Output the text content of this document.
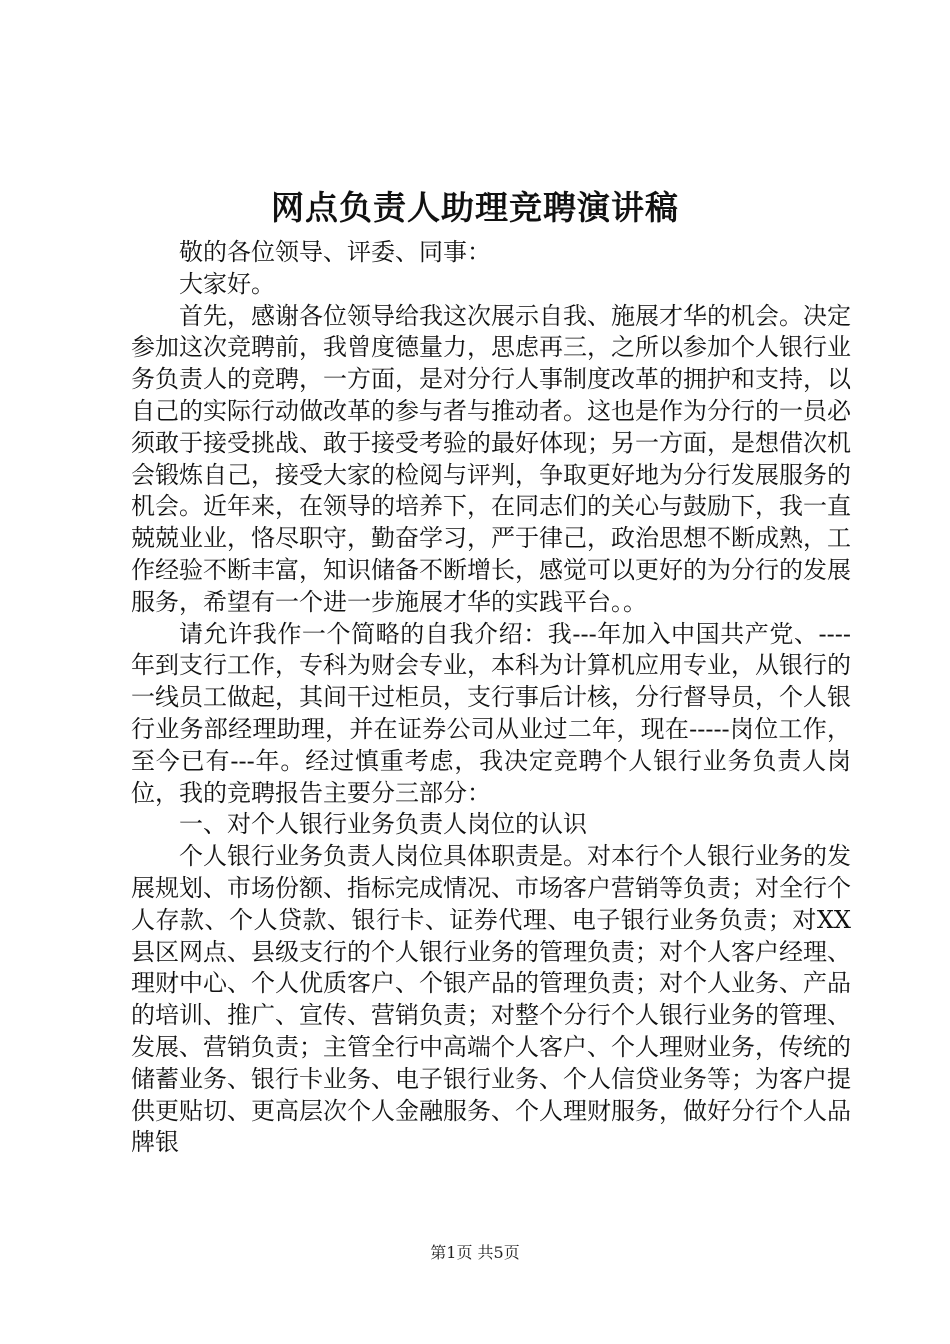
网点负责人助理竞聘演讲稿

敬的各位领导、评委、同事：

大家好。

首先，感谢各位领导给我这次展示自我、施展才华的机会。决定参加这次竞聘前，我曾度德量力，思虑再三，之所以参加个人银行业务负责人的竞聘，一方面，是对分行人事制度改革的拥护和支持，以自己的实际行动做改革的参与者与推动者。这也是作为分行的一员必须敢于接受挑战、敢于接受考验的最好体现；另一方面，是想借次机会锻炼自己，接受大家的检阅与评判，争取更好地为分行发展服务的机会。近年来，在领导的培养下，在同志们的关心与鼓励下，我一直兢兢业业，恪尽职守，勤奋学习，严于律己，政治思想不断成熟，工作经验不断丰富，知识储备不断增长，感觉可以更好的为分行的发展服务，希望有一个进一步施展才华的实践平台。。

请允许我作一个简略的自我介绍：我---年加入中国共产党、----年到支行工作，专科为财会专业，本科为计算机应用专业，从银行的一线员工做起，其间干过柜员，支行事后计核，分行督导员，个人银行业务部经理助理，并在证券公司从业过二年，现在-----岗位工作，至今已有---年。经过慎重考虑，我决定竞聘个人银行业务负责人岗位，我的竞聘报告主要分三部分：

一、对个人银行业务负责人岗位的认识

个人银行业务负责人岗位具体职责是。对本行个人银行业务的发展规划、市场份额、指标完成情况、市场客户营销等负责；对全行个人存款、个人贷款、银行卡、证券代理、电子银行业务负责；对XX县区网点、县级支行的个人银行业务的管理负责；对个人客户经理、理财中心、个人优质客户、个银产品的管理负责；对个人业务、产品的培训、推广、宣传、营销负责；对整个分行个人银行业务的管理、发展、营销负责；主管全行中高端个人客户、个人理财业务，传统的储蓄业务、银行卡业务、电子银行业务、个人信贷业务等；为客户提供更贴切、更高层次个人金融服务、个人理财服务，做好分行个人品牌银

第1页 共5页
